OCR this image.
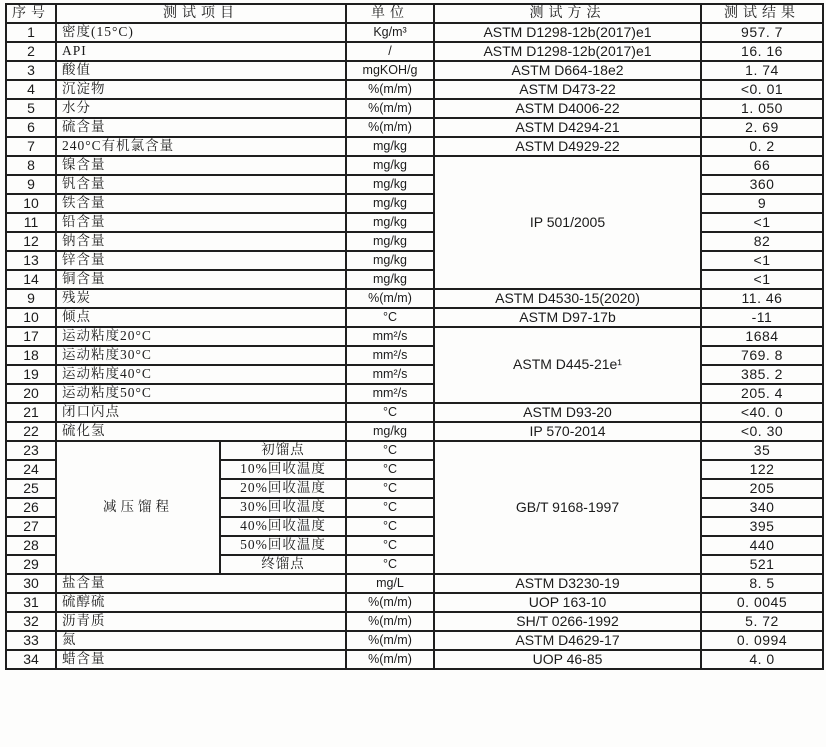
序号	测试项目		单位	测试方法	测试结果
1	密度(15°C)		Kg/m³	ASTM D1298-12b(2017)e1	957. 7
2	API		/	ASTM D1298-12b(2017)e1	16. 16
3	酸值		mgKOH/g	ASTM D664-18e2	1. 74
4	沉淀物		%(m/m)	ASTM D473-22	<0. 01
5	水分		%(m/m)	ASTM D4006-22	1. 050
6	硫含量		%(m/m)	ASTM D4294-21	2. 69
7	240°C有机氯含量		mg/kg	ASTM D4929-22	0. 2
8	镍含量		mg/kg	IP 501/2005	66
9	钒含量		mg/kg		360
10	铁含量		mg/kg		9
11	铅含量		mg/kg		<1
12	钠含量		mg/kg		82
13	锌含量		mg/kg		<1
14	铜含量		mg/kg		<1
9	残炭		%(m/m)	ASTM D4530-15(2020)	11. 46
10	倾点		°C	ASTM D97-17b	-11
17	运动粘度20°C		mm²/s	ASTM D445-21e¹	1684
18	运动粘度30°C		mm²/s		769. 8
19	运动粘度40°C		mm²/s		385. 2
20	运动粘度50°C		mm²/s		205. 4
21	闭口闪点		°C	ASTM D93-20	<40. 0
22	硫化氢		mg/kg	IP 570-2014	<0. 30
23	减压馏程	初馏点	°C	GB/T 9168-1997	35
24		10%回收温度	°C		122
25		20%回收温度	°C		205
26		30%回收温度	°C		340
27		40%回收温度	°C		395
28		50%回收温度	°C		440
29		终馏点	°C		521
30	盐含量		mg/L	ASTM D3230-19	8. 5
31	硫醇硫		%(m/m)	UOP 163-10	0. 0045
32	沥青质		%(m/m)	SH/T 0266-1992	5. 72
33	氮		%(m/m)	ASTM D4629-17	0. 0994
34	蜡含量		%(m/m)	UOP 46-85	4. 0
